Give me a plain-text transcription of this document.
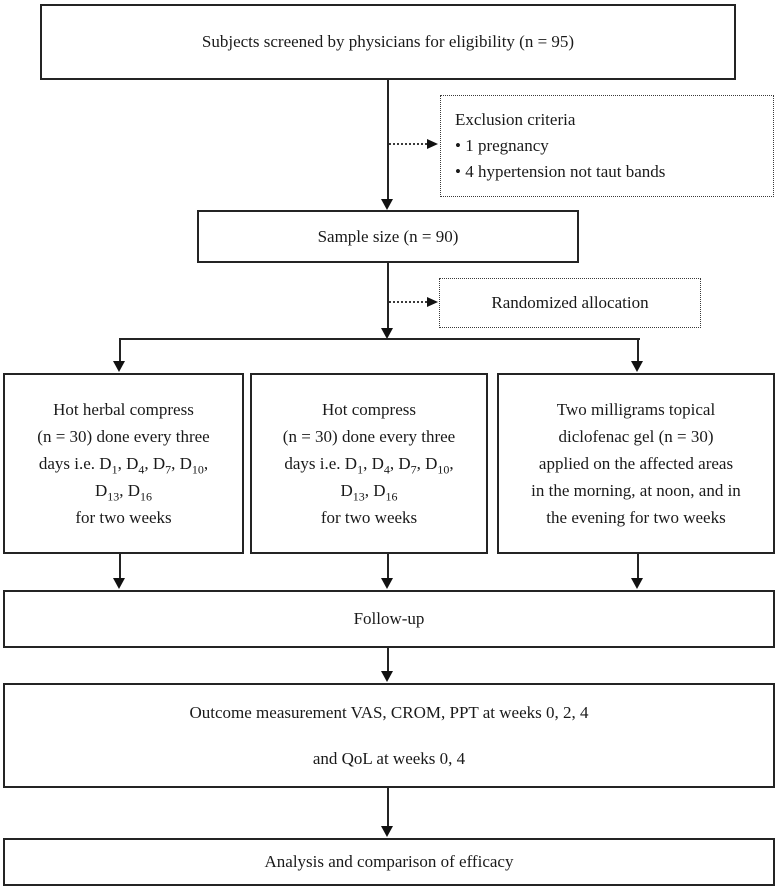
Subjects screened by physicians for eligibility (n = 95)
Exclusion criteria
• 1 pregnancy
• 4 hypertension not taut bands
Sample size (n = 90)
Randomized allocation
Hot herbal compress
(n = 30) done every three
days i.e. $D_1$, $D_4$, $D_7$, $D_{10}$,
$D_{13}$, $D_{16}$
for two weeks
Hot compress
(n = 30) done every three
days i.e. $D_1$, $D_4$, $D_7$, $D_{10}$,
$D_{13}$, $D_{16}$
for two weeks
Two milligrams topical
diclofenac gel (n = 30)
applied on the affected areas
in the morning, at noon, and in
the evening for two weeks
Follow-up
Outcome measurement VAS, CROM, PPT at weeks 0, 2, 4
and QoL at weeks 0, 4
Analysis and comparison of efficacy
